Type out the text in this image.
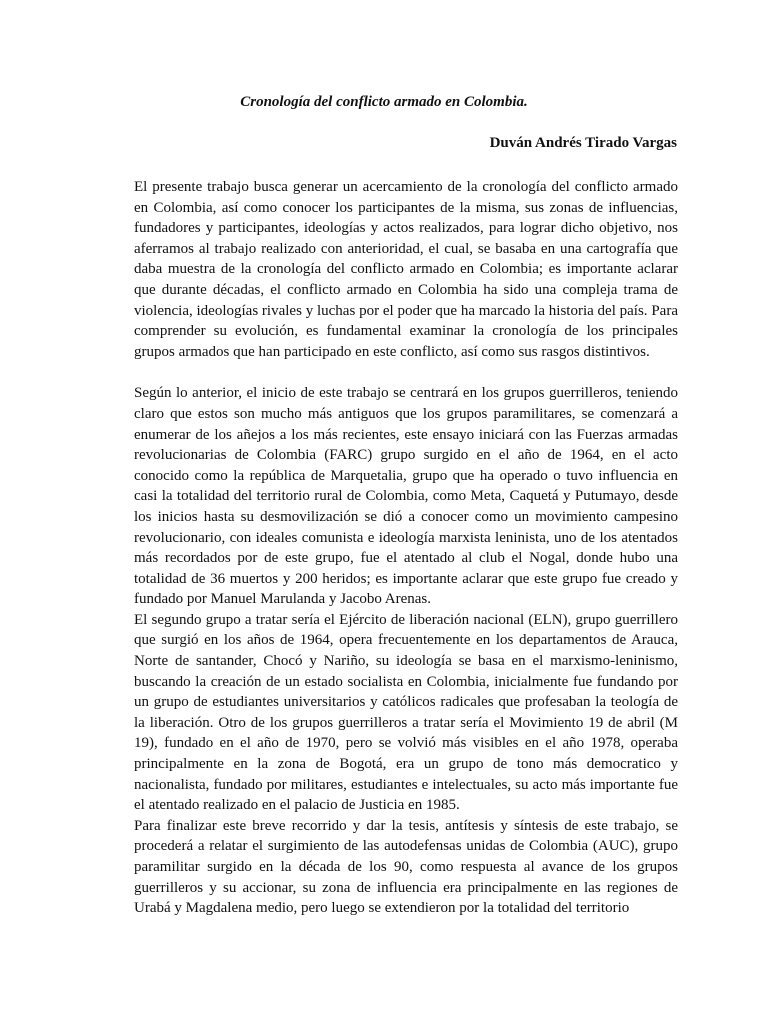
Cronología del conflicto armado en Colombia.

Duván Andrés Tirado Vargas

El presente trabajo busca generar un acercamiento de la cronología del conflicto armado en Colombia, así como conocer los participantes de la misma, sus zonas de influencias, fundadores y participantes, ideologías y actos realizados, para lograr dicho objetivo, nos aferramos al trabajo realizado con anterioridad, el cual, se basaba en una cartografía que daba muestra de la cronología del conflicto armado en Colombia; es importante aclarar que durante décadas, el conflicto armado en Colombia ha sido una compleja trama de violencia, ideologías rivales y luchas por el poder que ha marcado la historia del país. Para comprender su evolución, es fundamental examinar la cronología de los principales grupos armados que han participado en este conflicto, así como sus rasgos distintivos.

Según lo anterior, el inicio de este trabajo se centrará en los grupos guerrilleros, teniendo claro que estos son mucho más antiguos que los grupos paramilitares, se comenzará a enumerar de los añejos a los más recientes, este ensayo iniciará con las Fuerzas armadas revolucionarias de Colombia (FARC) grupo surgido en el año de 1964, en el acto conocido como la república de Marquetalia, grupo que ha operado o tuvo influencia en casi la totalidad del territorio rural de Colombia, como Meta, Caquetá y Putumayo, desde los inicios hasta su desmovilización se dió a conocer como un movimiento campesino revolucionario, con ideales comunista e ideología marxista leninista, uno de los atentados más recordados por de este grupo, fue el atentado al club el Nogal, donde hubo una totalidad de 36 muertos y 200 heridos; es importante aclarar que este grupo fue creado y fundado por Manuel Marulanda y Jacobo Arenas.

El segundo grupo a tratar sería el Ejército de liberación nacional (ELN), grupo guerrillero que surgió en los años de 1964, opera frecuentemente en los departamentos de Arauca, Norte de santander, Chocó y Nariño, su ideología se basa en el marxismo-leninismo, buscando la creación de un estado socialista en Colombia, inicialmente fue fundando por un grupo de estudiantes universitarios y católicos radicales que profesaban la teología de la liberación. Otro de los grupos guerrilleros a tratar sería el Movimiento 19 de abril (M 19), fundado en el año de 1970, pero se volvió más visibles en el año 1978, operaba principalmente en la zona de Bogotá, era un grupo de tono más democratico y nacionalista, fundado por militares, estudiantes e intelectuales, su acto más importante fue el atentado realizado en el palacio de Justicia en 1985.

Para finalizar este breve recorrido y dar la tesis, antítesis y síntesis de este trabajo, se procederá a relatar el surgimiento de las autodefensas unidas de Colombia (AUC), grupo paramilitar surgido en la década de los 90, como respuesta al avance de los grupos guerrilleros y su accionar, su zona de influencia era principalmente en las regiones de Urabá y Magdalena medio, pero luego se extendieron por la totalidad del territorio
